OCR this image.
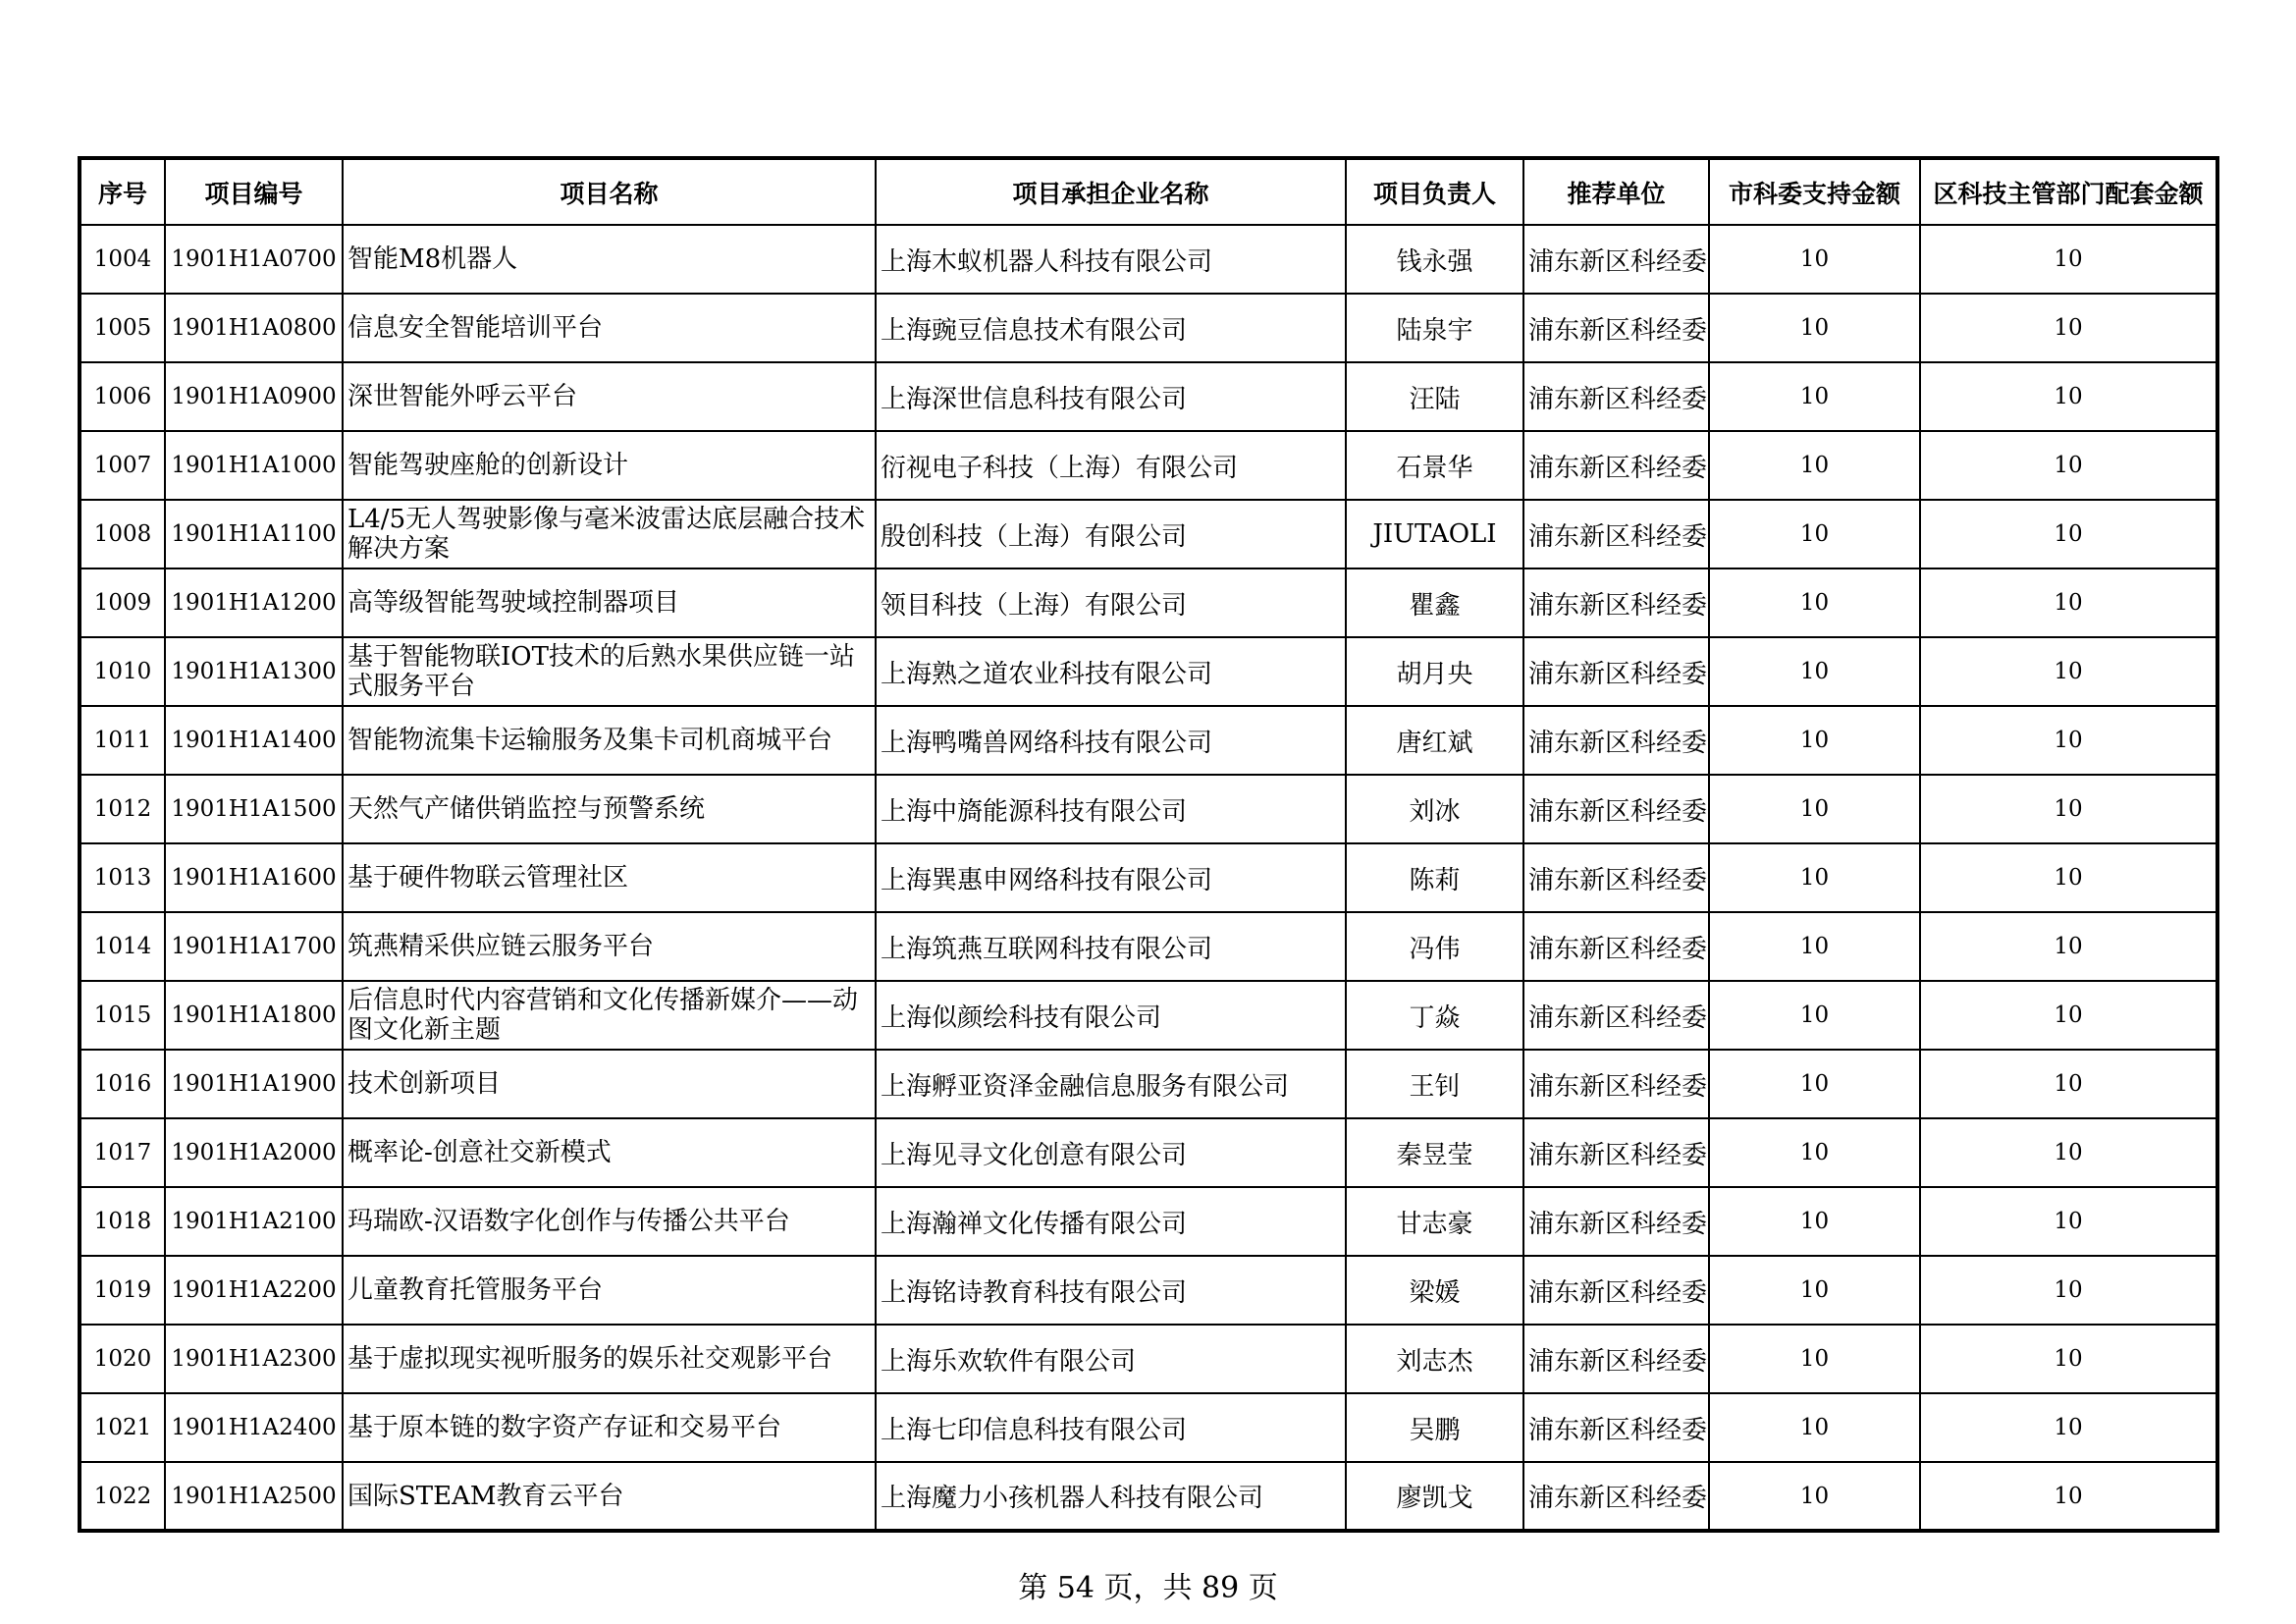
序号	项目编号	项目名称	项目承担企业名称	项目负责人	推荐单位	市科委支持金额	区科技主管部门配套金额
1004	1901H1A0700	智能M8机器人	上海木蚁机器人科技有限公司	钱永强	浦东新区科经委	10	10
1005	1901H1A0800	信息安全智能培训平台	上海豌豆信息技术有限公司	陆泉宇	浦东新区科经委	10	10
1006	1901H1A0900	深世智能外呼云平台	上海深世信息科技有限公司	汪陆	浦东新区科经委	10	10
1007	1901H1A1000	智能驾驶座舱的创新设计	衍视电子科技（上海）有限公司	石景华	浦东新区科经委	10	10
1008	1901H1A1100	L4/5无人驾驶影像与毫米波雷达底层融合技术解决方案	殷创科技（上海）有限公司	JIUTAOLI	浦东新区科经委	10	10
1009	1901H1A1200	高等级智能驾驶域控制器项目	领目科技（上海）有限公司	瞿鑫	浦东新区科经委	10	10
1010	1901H1A1300	基于智能物联IOT技术的后熟水果供应链一站式服务平台	上海熟之道农业科技有限公司	胡月央	浦东新区科经委	10	10
1011	1901H1A1400	智能物流集卡运输服务及集卡司机商城平台	上海鸭嘴兽网络科技有限公司	唐红斌	浦东新区科经委	10	10
1012	1901H1A1500	天然气产储供销监控与预警系统	上海中旖能源科技有限公司	刘冰	浦东新区科经委	10	10
1013	1901H1A1600	基于硬件物联云管理社区	上海巽惠申网络科技有限公司	陈莉	浦东新区科经委	10	10
1014	1901H1A1700	筑燕精采供应链云服务平台	上海筑燕互联网科技有限公司	冯伟	浦东新区科经委	10	10
1015	1901H1A1800	后信息时代内容营销和文化传播新媒介——动图文化新主题	上海似颜绘科技有限公司	丁焱	浦东新区科经委	10	10
1016	1901H1A1900	技术创新项目	上海孵亚资泽金融信息服务有限公司	王钊	浦东新区科经委	10	10
1017	1901H1A2000	概率论-创意社交新模式	上海见寻文化创意有限公司	秦昱莹	浦东新区科经委	10	10
1018	1901H1A2100	玛瑞欧-汉语数字化创作与传播公共平台	上海瀚禅文化传播有限公司	甘志豪	浦东新区科经委	10	10
1019	1901H1A2200	儿童教育托管服务平台	上海铭诗教育科技有限公司	梁媛	浦东新区科经委	10	10
1020	1901H1A2300	基于虚拟现实视听服务的娱乐社交观影平台	上海乐欢软件有限公司	刘志杰	浦东新区科经委	10	10
1021	1901H1A2400	基于原本链的数字资产存证和交易平台	上海七印信息科技有限公司	吴鹏	浦东新区科经委	10	10
1022	1901H1A2500	国际STEAM教育云平台	上海魔力小孩机器人科技有限公司	廖凯戈	浦东新区科经委	10	10
第 54 页，共 89 页
